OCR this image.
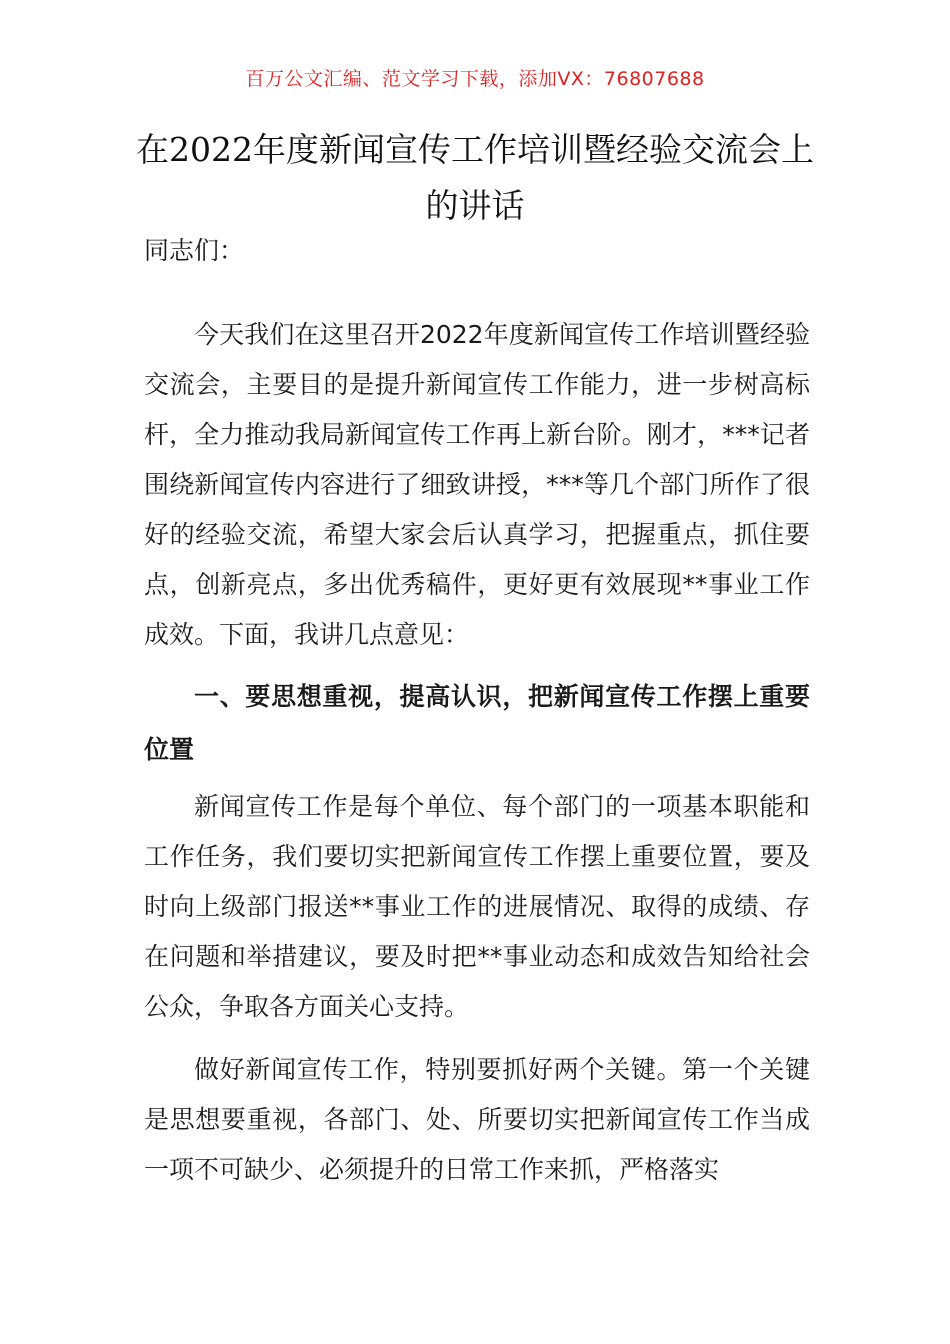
百万公文汇编、范文学习下载，添加VX：76807688
在2022年度新闻宣传工作培训暨经验交流会上的讲话
同志们：
今天我们在这里召开2022年度新闻宣传工作培训暨经验交流会，主要目的是提升新闻宣传工作能力，进一步树高标杆，全力推动我局新闻宣传工作再上新台阶。刚才，***记者围绕新闻宣传内容进行了细致讲授，***等几个部门所作了很好的经验交流，希望大家会后认真学习，把握重点，抓住要点，创新亮点，多出优秀稿件，更好更有效展现**事业工作成效。下面，我讲几点意见：
一、要思想重视，提高认识，把新闻宣传工作摆上重要位置
新闻宣传工作是每个单位、每个部门的一项基本职能和工作任务，我们要切实把新闻宣传工作摆上重要位置，要及时向上级部门报送**事业工作的进展情况、取得的成绩、存在问题和举措建议，要及时把**事业动态和成效告知给社会公众，争取各方面关心支持。
做好新闻宣传工作，特别要抓好两个关键。第一个关键是思想要重视，各部门、处、所要切实把新闻宣传工作当成一项不可缺少、必须提升的日常工作来抓，严格落实
